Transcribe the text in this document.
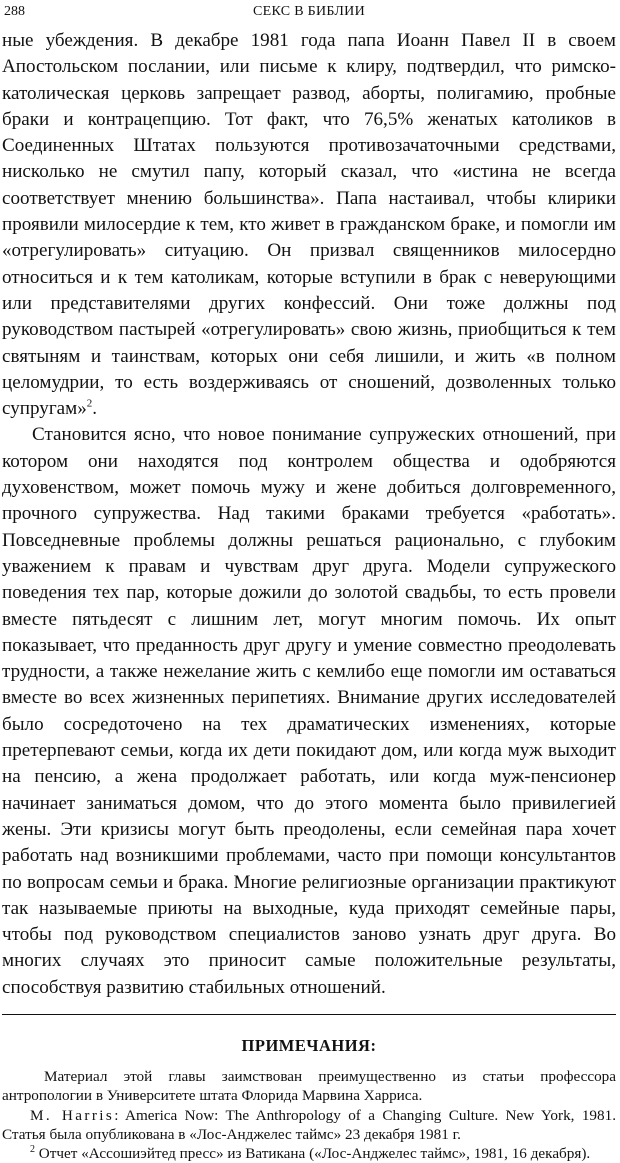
СЕКС В БИБЛИИ
288

ные убеждения. В декабре 1981 года папа Иоанн Павел II в своем Апостольском послании, или письме к клиру, подтвердил, что римско-католическая церковь запрещает развод, аборты, полигамию, пробные браки и контрацепцию. Тот факт, что 76,5% женатых католиков в Соединенных Штатах пользуются противозачаточными средствами, нисколько не смутил папу, который сказал, что «истина не всегда соответствует мнению большинства». Папа настаивал, чтобы клирики проявили милосердие к тем, кто живет в гражданском браке, и помогли им «отрегулировать» ситуацию. Он призвал священников милосердно относиться и к тем католикам, которые вступили в брак с неверующими или представителями других конфессий. Они тоже должны под руководством пастырей «отрегулировать» свою жизнь, приобщиться к тем святыням и таинствам, которых они себя лишили, и жить «в полном целомудрии, то есть воздерживаясь от сношений, дозволенных только супругам»$^2$.

Становится ясно, что новое понимание супружеских отношений, при котором они находятся под контролем общества и одобряются духовенством, может помочь мужу и жене добиться долговременного, прочного супружества. Над такими браками требуется «работать». Повседневные проблемы должны решаться рационально, с глубоким уважением к правам и чувствам друг друга. Модели супружеского поведения тех пар, которые дожили до золотой свадьбы, то есть провели вместе пятьдесят с лишним лет, могут многим помочь. Их опыт показывает, что преданность друг другу и умение совместно преодолевать трудности, а также нежелание жить с кемлибо еще помогли им оставаться вместе во всех жизненных перипетиях. Внимание других исследователей было сосредоточено на тех драматических изменениях, которые претерпевают семьи, когда их дети покидают дом, или когда муж выходит на пенсию, а жена продолжает работать, или когда муж-пенсионер начинает заниматься домом, что до этого момента было привилегией жены. Эти кризисы могут быть преодолены, если семейная пара хочет работать над возникшими проблемами, часто при помощи консультантов по вопросам семьи и брака. Многие религиозные организации практикуют так называемые приюты на выходные, куда приходят семейные пары, чтобы под руководством специалистов заново узнать друг друга. Во многих случаях это приносит самые положительные результаты, способствуя развитию стабильных отношений.

ПРИМЕЧАНИЯ:

Материал этой главы заимствован преимущественно из статьи профессора антропологии в Университете штата Флорида Марвина Харриса.

M. Harris: America Now: The Anthropology of a Changing Culture. New York, 1981. Статья была опубликована в «Лос-Анджелес таймс» 23 декабря 1981 г.

$^2$ Отчет «Ассошиэйтед пресс» из Ватикана («Лос-Анджелес таймс», 1981, 16 декабря).
